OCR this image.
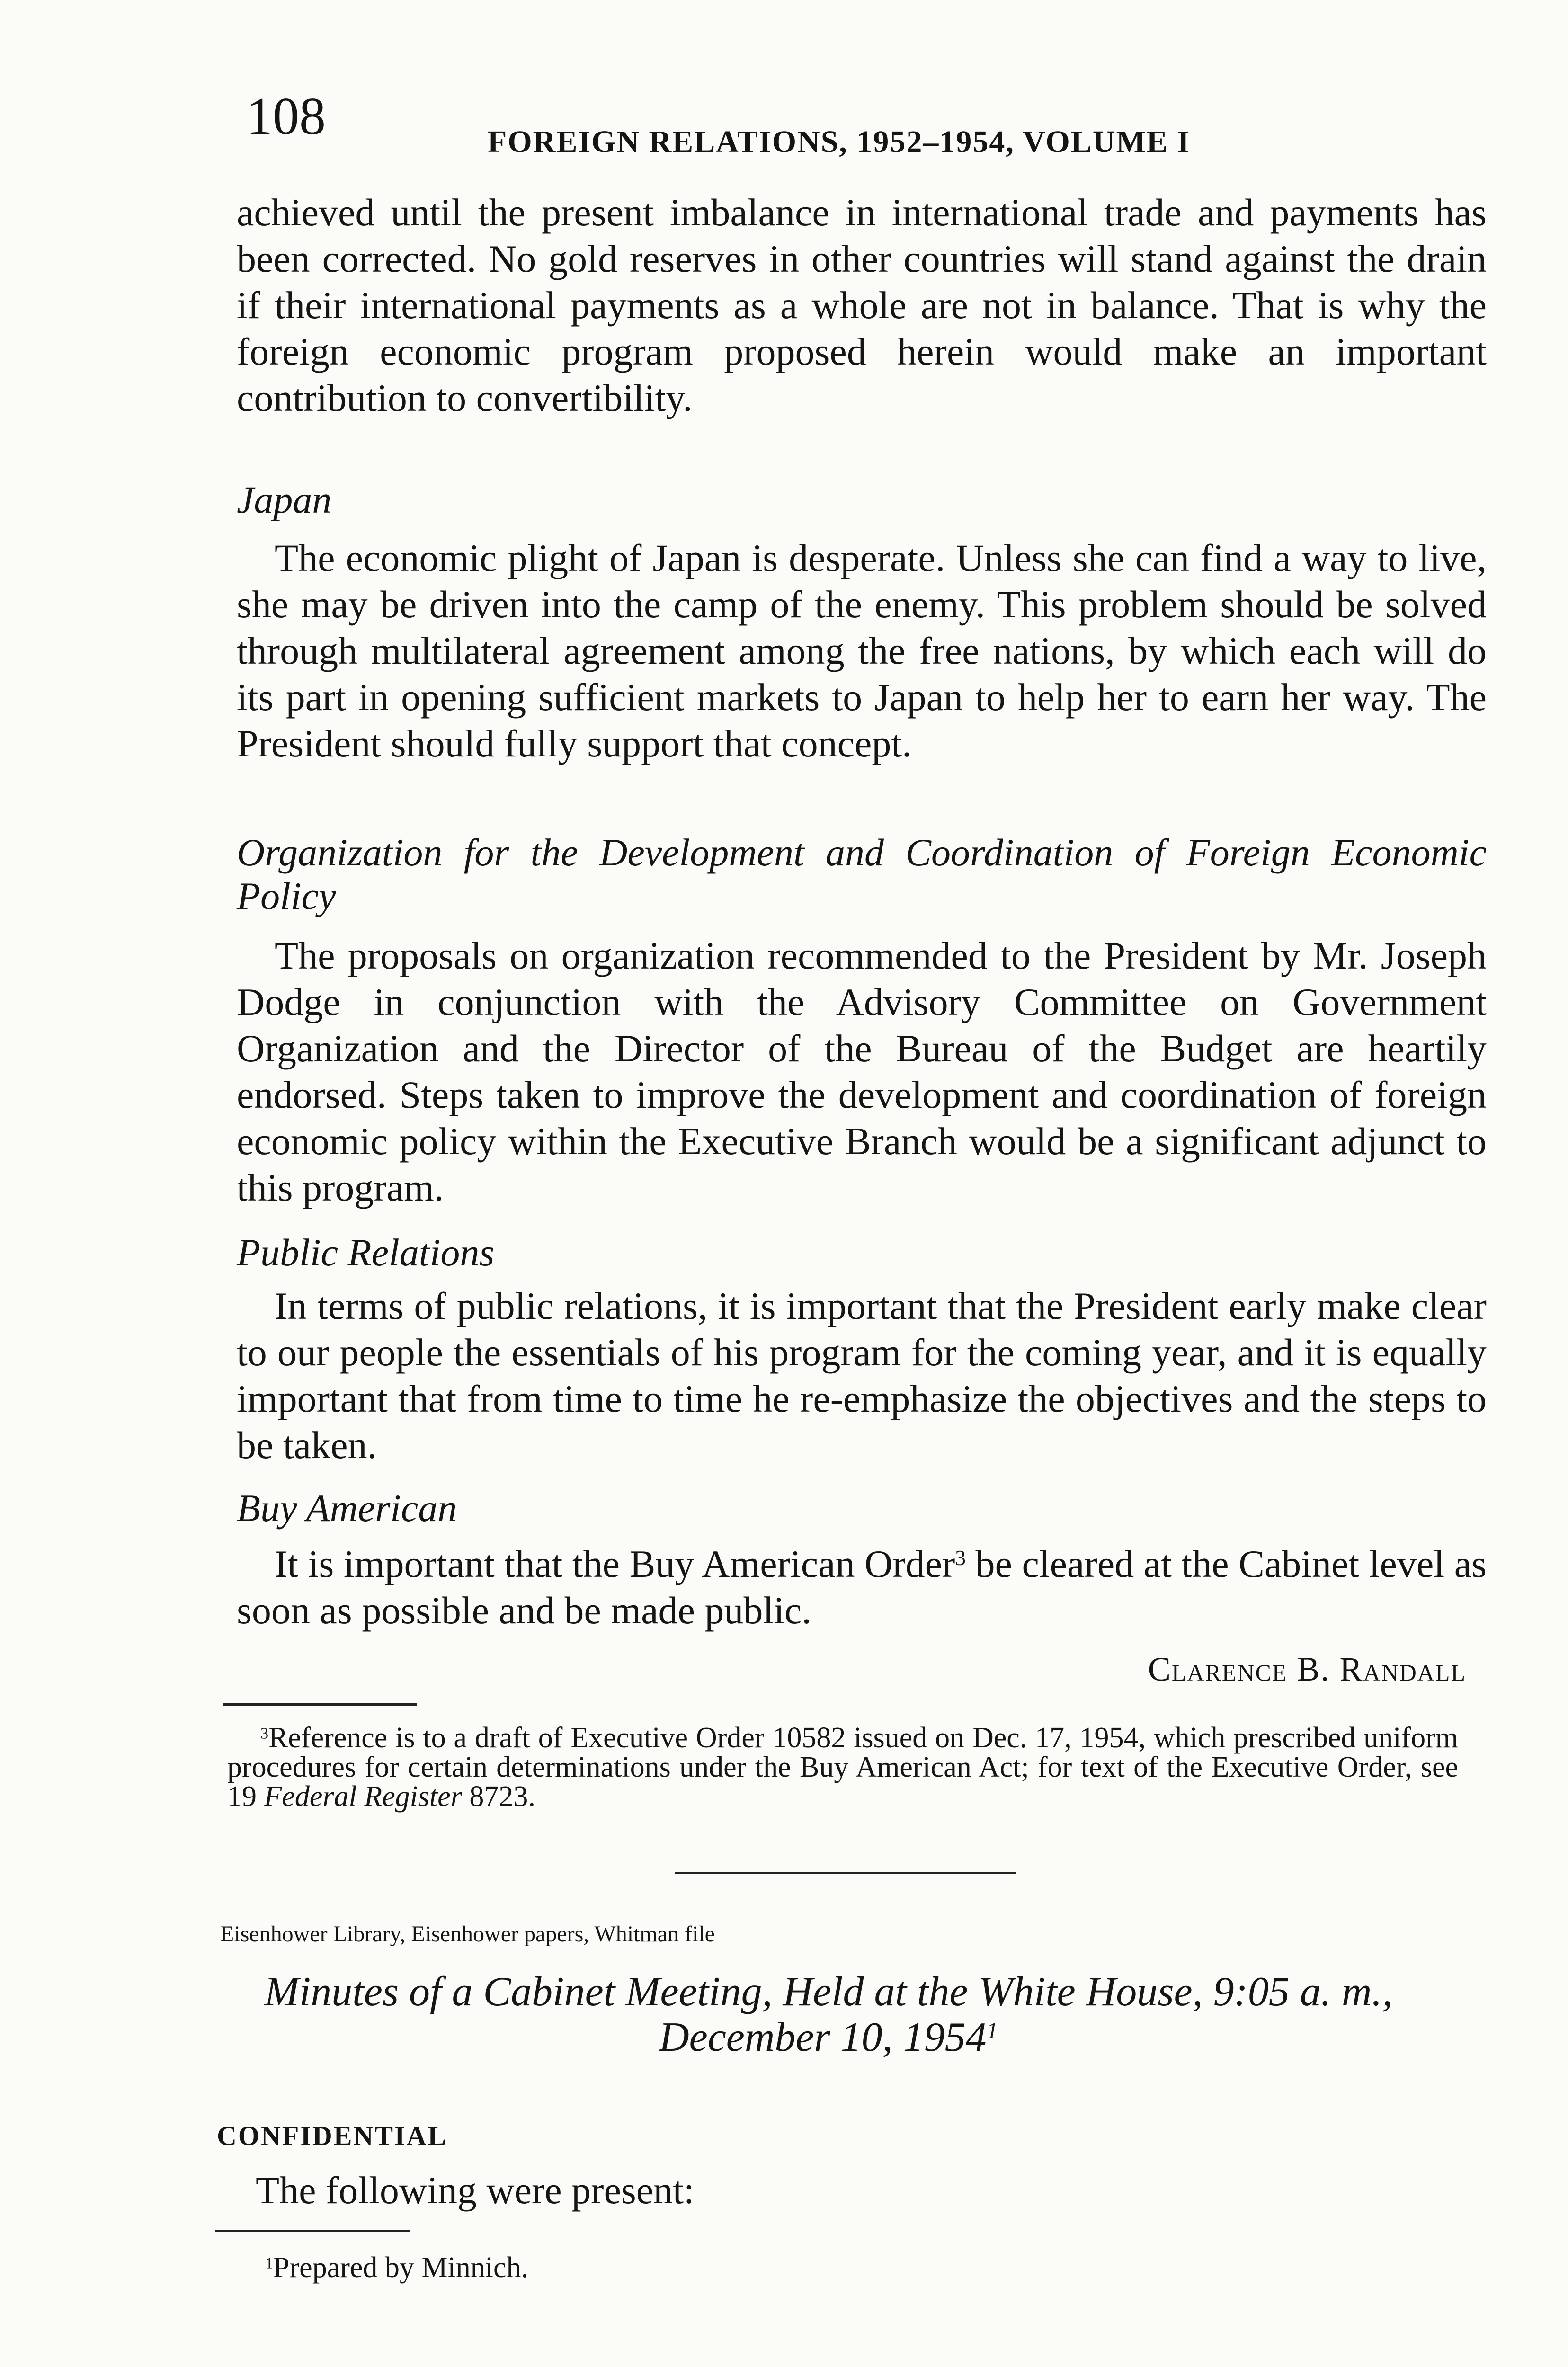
108	FOREIGN RELATIONS, 1952–1954, VOLUME I
achieved until the present imbalance in international trade and payments has been corrected. No gold reserves in other countries will stand against the drain if their international payments as a whole are not in balance. That is why the foreign economic program proposed herein would make an important contribution to convertibility.
Japan
The economic plight of Japan is desperate. Unless she can find a way to live, she may be driven into the camp of the enemy. This problem should be solved through multilateral agreement among the free nations, by which each will do its part in opening sufficient markets to Japan to help her to earn her way. The President should fully support that concept.
Organization for the Development and Coordination of Foreign Economic Policy
The proposals on organization recommended to the President by Mr. Joseph Dodge in conjunction with the Advisory Committee on Government Organization and the Director of the Bureau of the Budget are heartily endorsed. Steps taken to improve the development and coordination of foreign economic policy within the Executive Branch would be a significant adjunct to this program.
Public Relations
In terms of public relations, it is important that the President early make clear to our people the essentials of his program for the coming year, and it is equally important that from time to time he re-emphasize the objectives and the steps to be taken.
Buy American
It is important that the Buy American Order$^3$ be cleared at the Cabinet level as soon as possible and be made public.
Clarence B. Randall
$^3$Reference is to a draft of Executive Order 10582 issued on Dec. 17, 1954, which prescribed uniform procedures for certain determinations under the Buy American Act; for text of the Executive Order, see 19 Federal Register 8723.
Eisenhower Library, Eisenhower papers, Whitman file
Minutes of a Cabinet Meeting, Held at the White House, 9:05 a. m.,
December 10, 1954$^1$
CONFIDENTIAL
The following were present:
$^1$Prepared by Minnich.
